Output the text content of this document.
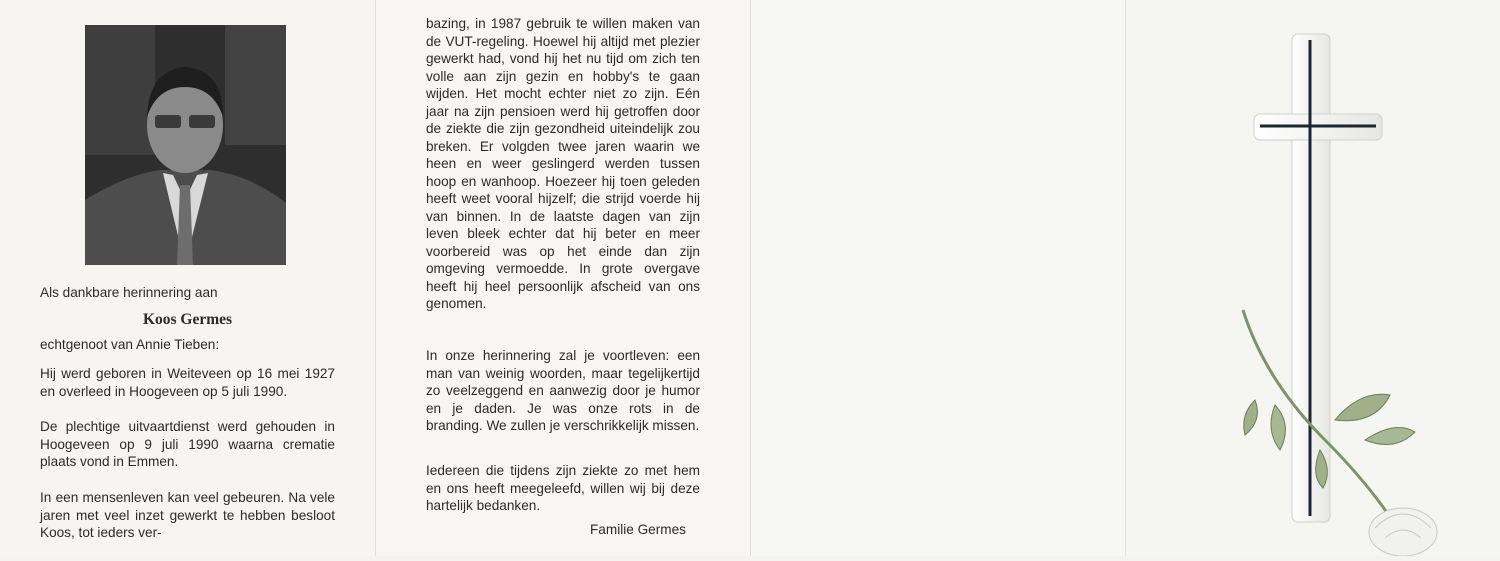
Als dankbare herinnering aan
Koos Germes
echtgenoot van Annie Tieben:
Hij werd geboren in Weiteveen op 16 mei 1927 en overleed in Hoogeveen op 5 juli 1990.
De plechtige uitvaartdienst werd gehouden in Hoogeveen op 9 juli 1990 waarna crematie plaats vond in Emmen.
In een mensenleven kan veel gebeuren. Na vele jaren met veel inzet gewerkt te hebben besloot Koos, tot ieders ver-
bazing, in 1987 gebruik te willen maken van de VUT-regeling. Hoewel hij altijd met plezier gewerkt had, vond hij het nu tijd om zich ten volle aan zijn gezin en hobby's te gaan wijden. Het mocht echter niet zo zijn. Eén jaar na zijn pensioen werd hij getroffen door de ziekte die zijn gezondheid uiteindelijk zou breken. Er volgden twee jaren waarin we heen en weer geslingerd werden tussen hoop en wanhoop. Hoezeer hij toen geleden heeft weet vooral hijzelf; die strijd voerde hij van binnen. In de laatste dagen van zijn leven bleek echter dat hij beter en meer voorbereid was op het einde dan zijn omgeving vermoedde. In grote overgave heeft hij heel persoonlijk afscheid van ons genomen.
In onze herinnering zal je voortleven: een man van weinig woorden, maar tegelijkertijd zo veelzeggend en aanwezig door je humor en je daden. Je was onze rots in de branding. We zullen je verschrikkelijk missen.
Iedereen die tijdens zijn ziekte zo met hem en ons heeft meegeleefd, willen wij bij deze hartelijk bedanken.
Familie Germes
